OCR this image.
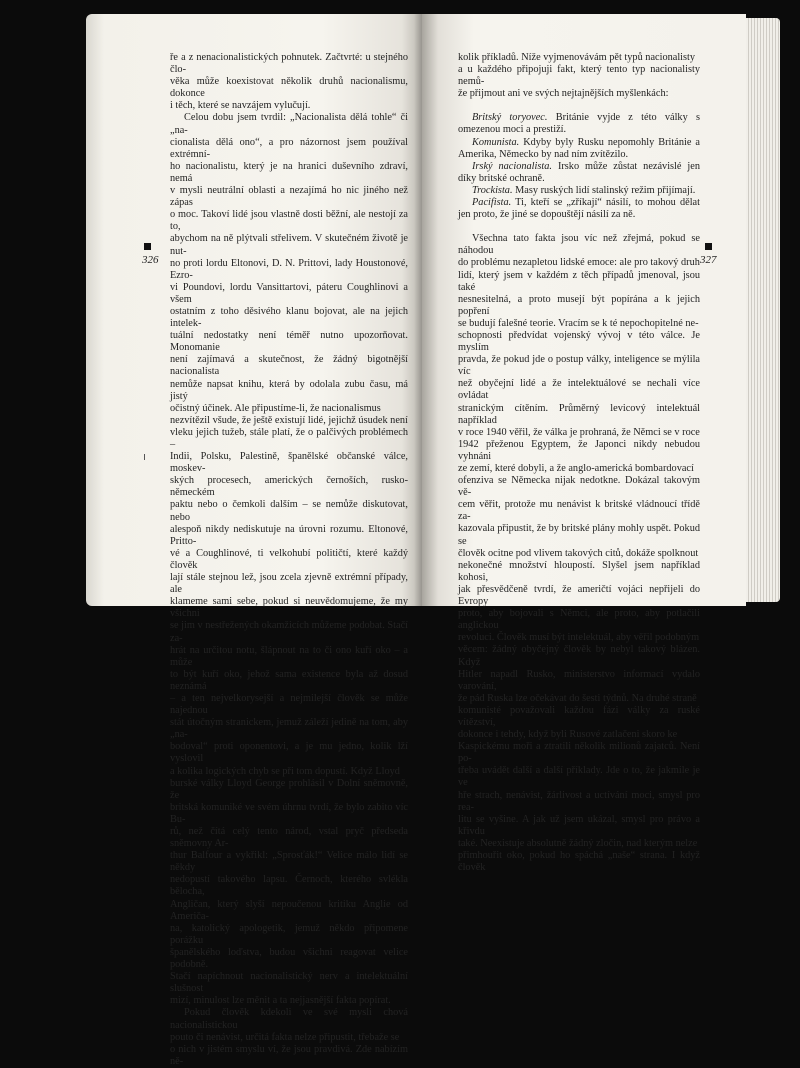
326

ře a z nenacionalistických pohnutek. Začtvrté: u stejného člo-

věka může koexistovat několik druhů nacionalismu, dokonce

i těch, které se navzájem vylučují.

Celou dobu jsem tvrdil: „Nacionalista dělá tohle“ či „na-

cionalista dělá ono“, a pro názornost jsem používal extrémní-

ho nacionalistu, který je na hranici duševního zdraví, nemá

v mysli neutrální oblasti a nezajímá ho nic jiného než zápas

o moc. Takoví lidé jsou vlastně dosti běžní, ale nestojí za to,

abychom na ně plýtvali střelivem. V skutečném životě je nut-

no proti lordu Eltonovi, D. N. Prittovi, lady Houstonové, Ezro-

vi Poundovi, lordu Vansittartovi, páteru Coughlinovi a všem

ostatním z toho děsivého klanu bojovat, ale na jejich intelek-

tuální nedostatky není téměř nutno upozorňovat. Monomanie

není zajímavá a skutečnost, že žádný bigotnější nacionalista

nemůže napsat knihu, která by odolala zubu času, má jistý

očistný účinek. Ale připustíme-li, že nacionalismus

nezvítězil všude, že ještě existují lidé, jejichž úsudek není

vleku jejich tužeb, stále platí, že o palčivých problémech –

Indii, Polsku, Palestině, španělské občanské válce, moskev-

ských procesech, amerických černoších, rusko-německém

paktu nebo o čemkoli dalším – se nemůže diskutovat, nebo

alespoň nikdy nediskutuje na úrovni rozumu. Eltonové, Pritto-

vé a Coughlinové, ti velkohubí političtí, které každý člověk

lají stále stejnou lež, jsou zcela zjevně extrémní případy, ale

klameme sami sebe, pokud si neuvědomujeme, že my všichni

se jim v nestřežených okamžicích můžeme podobat. Stačí za-

hrát na určitou notu, šlápnout na to či ono kuří oko – a může

to být kuří oko, jehož sama existence byla až dosud neznámá

– a ten nejvelkorysejší a nejmilejší člověk se může najednou

stát útočným stranickem, jemuž záleží jedině na tom, aby „na-

bodoval“ proti oponentovi, a je mu jedno, kolik lží vyslovil

a kolika logických chyb se při tom dopustí. Když Lloyd

burské války Lloyd George prohlásil v Dolní sněmovně, že

britská komuniké ve svém úhrnu tvrdí, že bylo zabito víc Bu-

rů, než čítá celý tento národ, vstal pryč předseda sněmovny Ar-

thur Balfour a vykřikl: „Sprosťák!“ Velice málo lidí se někdy

nedopustí takového lapsu. Černoch, kterého svlékla bělocha,

Angličan, který slyší nepoučenou kritiku Anglie od Američa-

na, katolický apologetik, jemuž někdo připomene porážku

španělského loďstva, budou všichni reagovat velice podobně.

Stačí napíchnout nacionalistický nerv a intelektuální slušnost

mizí, minulost lze měnit a ta nejjasnější fakta popírat.

Pokud člověk kdekoli ve své mysli chová nacionalistickou

pouto či nenávist, určitá fakta nelze připustit, třebaže se

o nich v jistém smyslu ví, že jsou pravdivá. Zde nabízím ně-

327

kolik příkladů. Níže vyjmenovávám pět typů nacionalisty

a u každého připojuji fakt, který tento typ nacionalisty nemů-

že přijmout ani ve svých nejtajnějších myšlenkách:

Britský toryovec. Británie vyjde z této války s omezenou moci a prestiží.

Komunista. Kdyby byly Rusku nepomohly Británie a Amerika, Německo by nad ním zvítězilo.

Irský nacionalista. Irsko může zůstat nezávislé jen díky britské ochraně.

Trockista. Masy ruských lidí stalinský režim přijímají.

Pacifista. Ti, kteří se „zříkají“ násilí, to mohou dělat jen proto, že jiné se dopouštějí násilí za ně.

Všechna tato fakta jsou víc než zřejmá, pokud se náhodou

do problému nezapletou lidské emoce: ale pro takový druh

lidí, který jsem v každém z těch případů jmenoval, jsou také

nesnesitelná, a proto musejí být popírána a k jejich popření

se budují falešné teorie. Vracím se k té nepochopitelné ne-

schopnosti předvídat vojenský vývoj v této válce. Je myslím

pravda, že pokud jde o postup války, inteligence se mýlila víc

než obyčejní lidé a že intelektuálové se nechali více ovládat

stranickým cítěním. Průměrný levicový intelektuál například

v roce 1940 věřil, že válka je prohraná, že Němci se v roce

1942 přeženou Egyptem, že Japonci nikdy nebudou vyhnáni

ze zemí, které dobyli, a že anglo-americká bombardovací

ofenziva se Německa nijak nedotkne. Dokázal takovým vě-

cem věřit, protože mu nenávist k britské vládnoucí třídě za-

kazovala připustit, že by britské plány mohly uspět. Pokud se

člověk ocitne pod vlivem takových citů, dokáže spolknout

nekonečné množství hloupostí. Slyšel jsem například kohosi,

jak přesvědčeně tvrdí, že američtí vojáci nepřijeli do Evropy

proto, aby bojovali s Němci, ale proto, aby potlačili anglickou

revoluci. Člověk musí být intelektuál, aby věřil podobným

věcem: žádný obyčejný člověk by nebyl takový blázen. Když

Hitler napadl Rusko, ministerstvo informací vydalo varování,

že pád Ruska lze očekávat do šesti týdnů. Na druhé straně

komunisté považovali každou fázi války za ruské vítězství,

dokonce i tehdy, když byli Rusové zatlačeni skoro ke

Kaspickému moři a ztratili několik milionů zajatců. Není po-

třeba uvádět další a další příklady. Jde o to, že jakmile je ve

hře strach, nenávist, žárlivost a uctívání moci, smysl pro rea-

litu se vyšine. A jak už jsem ukázal, smysl pro právo a křivdu

také. Neexistuje absolutně žádný zločin, nad kterým nelze

přimhouřit oko, pokud ho spáchá „naše“ strana. I když člověk
